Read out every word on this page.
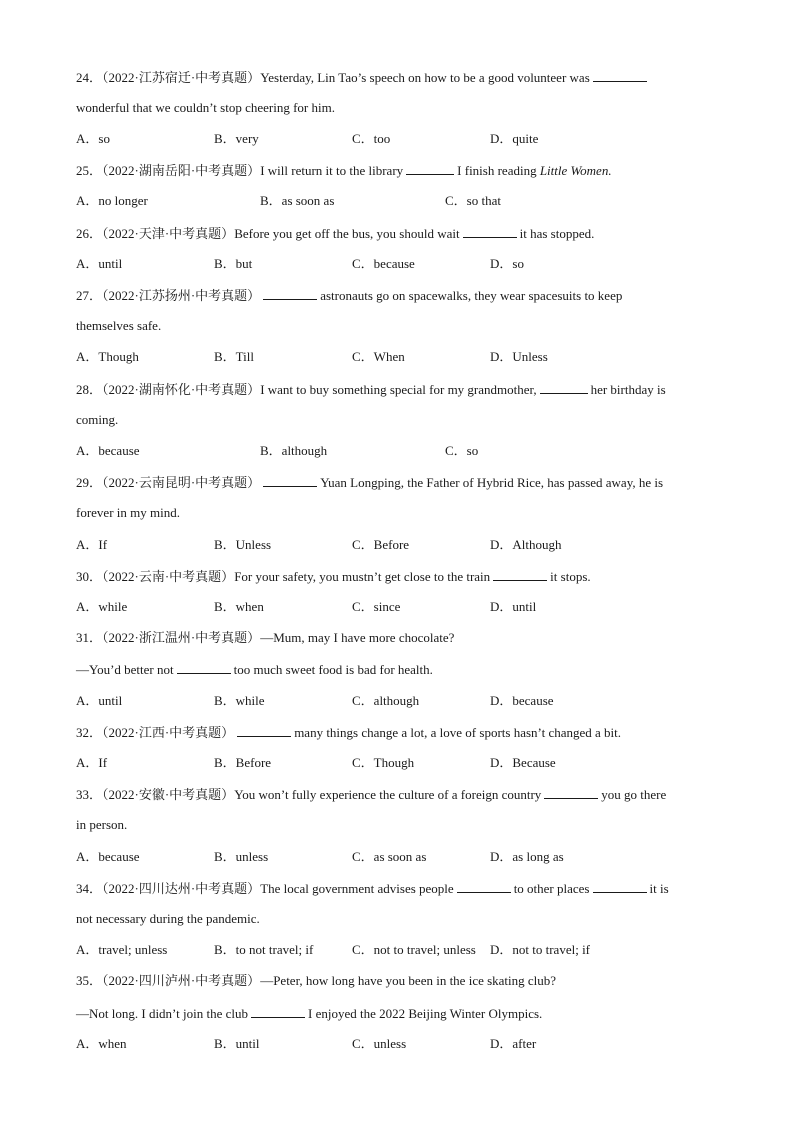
24．（2022·江苏宿迁·中考真题）Yesterday, Lin Tao’s speech on how to be a good volunteer was
wonderful that we couldn’t stop cheering for him.
A．so	B．very	C．too	D．quite
25．（2022·湖南岳阳·中考真题）I will return it to the library	I finish reading Little Women.
A．no longer	B．as soon as	C．so that
26．（2022·天津·中考真题）Before you get off the bus, you should wait	it has stopped.
A．until	B．but	C．because	D．so
27．（2022·江苏扬州·中考真题）	astronauts go on spacewalks, they wear spacesuits to keep
themselves safe.
A．Though	B．Till	C．When	D．Unless
28．（2022·湖南怀化·中考真题）I want to buy something special for my grandmother,	her birthday is
coming.
A．because	B．although	C．so
29．（2022·云南昆明·中考真题）	Yuan Longping, the Father of Hybrid Rice, has passed away, he is
forever in my mind.
A．If	B．Unless	C．Before	D．Although
30．（2022·云南·中考真题）For your safety, you mustn’t get close to the train	it stops.
A．while	B．when	C．since	D．until
31．（2022·浙江温州·中考真题）—Mum, may I have more chocolate?
—You’d better not	too much sweet food is bad for health.
A．until	B．while	C．although	D．because
32．（2022·江西·中考真题）	many things change a lot, a love of sports hasn’t changed a bit.
A．If	B．Before	C．Though	D．Because
33．（2022·安徽·中考真题）You won’t fully experience the culture of a foreign country	you go there
in person.
A．because	B．unless	C．as soon as	D．as long as
34．（2022·四川达州·中考真题）The local government advises people	to other places	it is
not necessary during the pandemic.
A．travel; unless	B．to not travel; if	C．not to travel; unless D．not to travel; if
35．（2022·四川泸州·中考真题）—Peter, how long have you been in the ice skating club?
—Not long. I didn’t join the club	I enjoyed the 2022 Beijing Winter Olympics.
A．when	B．until	C．unless	D．after
